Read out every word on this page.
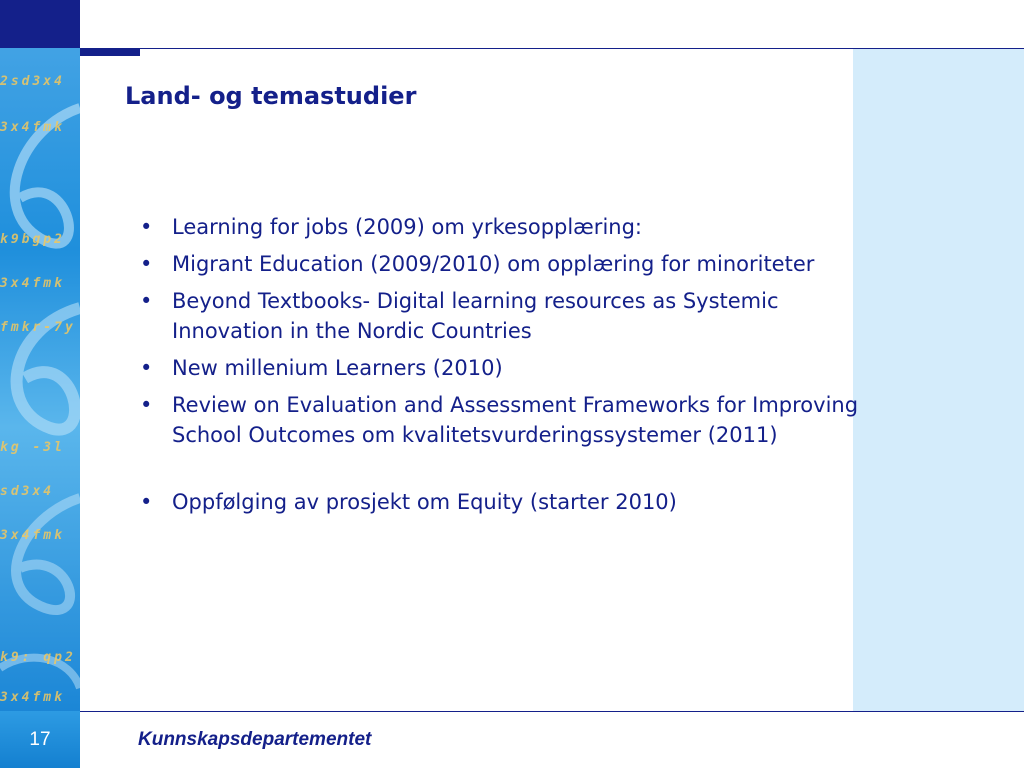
2sd3x4
3x4fmk
k9bgp2
3x4fmk
fmkr-7y
kg -3l
sd3x4
3x4fmk
k9: qp2
3x4fmk
Land- og temastudier
• Learning for jobs (2009) om yrkesopplæring:
• Migrant Education (2009/2010) om opplæring for minoriteter
• Beyond Textbooks- Digital learning resources as Systemic Innovation in the Nordic Countries
• New millenium Learners (2010)
• Review on Evaluation and Assessment Frameworks for Improving School Outcomes om kvalitetsvurderingssystemer (2011)
• Oppfølging av prosjekt om Equity (starter 2010)
17	Kunnskapsdepartementet
